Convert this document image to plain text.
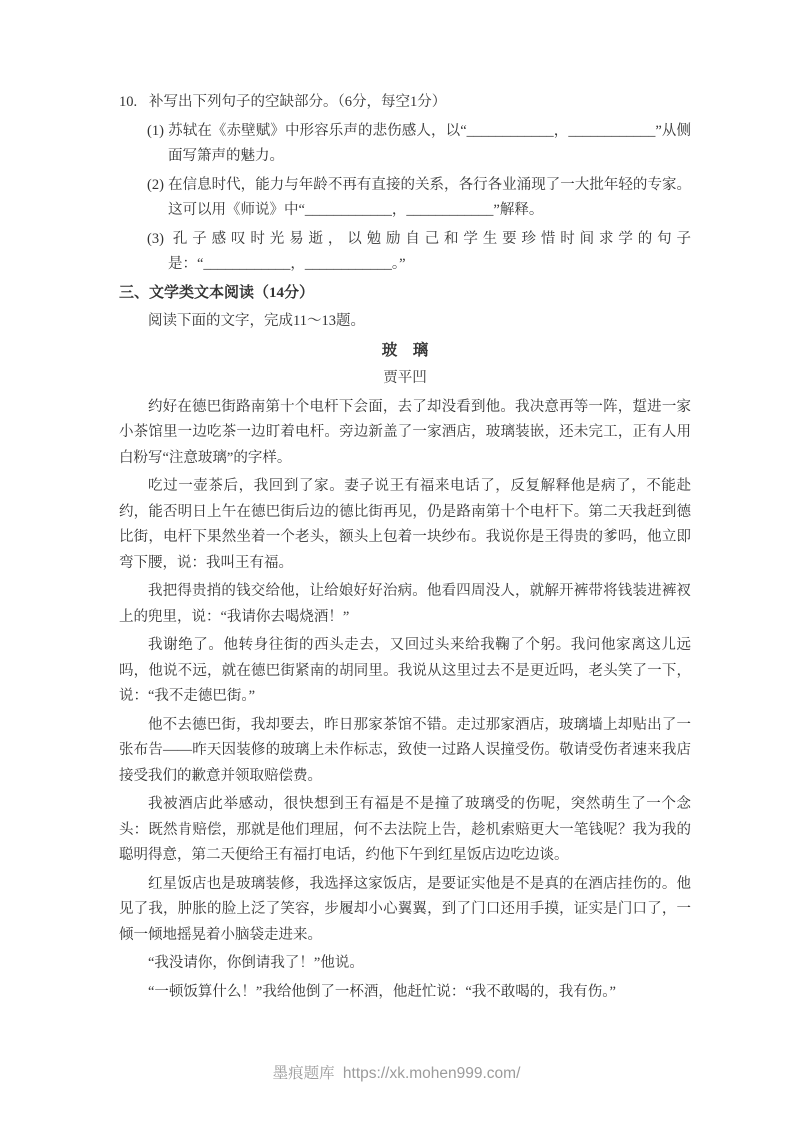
10. 补写出下列句子的空缺部分。（6分，每空1分）
(1) 苏轼在《赤壁赋》中形容乐声的悲伤感人，以“____________，____________”从侧面写箫声的魅力。
(2) 在信息时代，能力与年龄不再有直接的关系，各行各业涌现了一大批年轻的专家。这可以用《师说》中“____________，____________”解释。
(3) 孔子感叹时光易逝，以勉励自己和学生要珍惜时间求学的句子是：“____________，____________。”
三、文学类文本阅读（14分）
阅读下面的文字，完成11～13题。
玻　璃
贾平凹

约好在德巴街路南第十个电杆下会面，去了却没看到他。我决意再等一阵，踅进一家小茶馆里一边吃茶一边盯着电杆。旁边新盖了一家酒店，玻璃装嵌，还未完工，正有人用白粉写“注意玻璃”的字样。

吃过一壶茶后，我回到了家。妻子说王有福来电话了，反复解释他是病了，不能赴约，能否明日上午在德巴街后边的德比街再见，仍是路南第十个电杆下。第二天我赶到德比街，电杆下果然坐着一个老头，额头上包着一块纱布。我说你是王得贵的爹吗，他立即弯下腰，说：我叫王有福。

我把得贵捎的钱交给他，让给娘好好治病。他看四周没人，就解开裤带将钱装进裤衩上的兜里，说：“我请你去喝烧酒！”

我谢绝了。他转身往街的西头走去，又回过头来给我鞠了个躬。我问他家离这儿远吗，他说不远，就在德巴街紧南的胡同里。我说从这里过去不是更近吗，老头笑了一下，说：“我不走德巴街。”

他不去德巴街，我却要去，昨日那家茶馆不错。走过那家酒店，玻璃墙上却贴出了一张布告——昨天因装修的玻璃上未作标志，致使一过路人误撞受伤。敬请受伤者速来我店接受我们的歉意并领取赔偿费。

我被酒店此举感动，很快想到王有福是不是撞了玻璃受的伤呢，突然萌生了一个念头：既然肯赔偿，那就是他们理屈，何不去法院上告，趁机索赔更大一笔钱呢？我为我的聪明得意，第二天便给王有福打电话，约他下午到红星饭店边吃边谈。

红星饭店也是玻璃装修，我选择这家饭店，是要证实他是不是真的在酒店挂伤的。他见了我，肿胀的脸上泛了笑容，步履却小心翼翼，到了门口还用手摸，证实是门口了，一倾一倾地摇晃着小脑袋走进来。

“我没请你，你倒请我了！”他说。

“一顿饭算什么！”我给他倒了一杯酒，他赶忙说：“我不敢喝的，我有伤。”

墨痕题库 https://xk.mohen999.com/
